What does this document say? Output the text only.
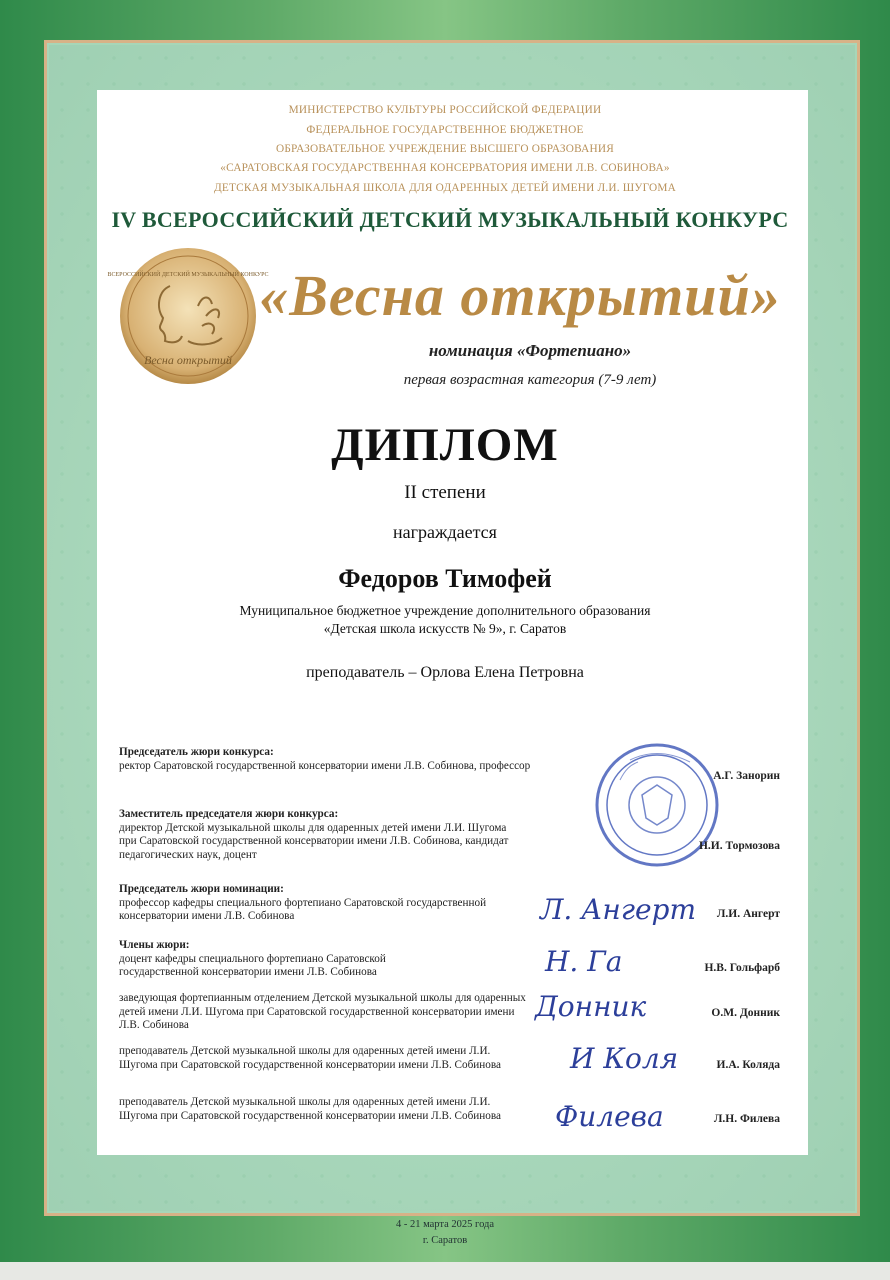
МИНИСТЕРСТВО КУЛЬТУРЫ РОССИЙСКОЙ ФЕДЕРАЦИИ
ФЕДЕРАЛЬНОЕ ГОСУДАРСТВЕННОЕ БЮДЖЕТНОЕ
ОБРАЗОВАТЕЛЬНОЕ УЧРЕЖДЕНИЕ ВЫСШЕГО ОБРАЗОВАНИЯ
«САРАТОВСКАЯ ГОСУДАРСТВЕННАЯ КОНСЕРВАТОРИЯ ИМЕНИ Л.В. СОБИНОВА»
ДЕТСКАЯ МУЗЫКАЛЬНАЯ ШКОЛА ДЛЯ ОДАРЕННЫХ ДЕТЕЙ ИМЕНИ Л.И. ШУГОМА
IV ВСЕРОССИЙСКИЙ ДЕТСКИЙ МУЗЫКАЛЬНЫЙ КОНКУРС
ВСЕРОССИЙСКИЙ ДЕТСКИЙ МУЗЫКАЛЬНЫЙ КОНКУРС
Весна открытий
«Весна открытий»
номинация «Фортепиано»
первая возрастная категория (7-9 лет)
ДИПЛОМ
II степени
награждается
Федоров Тимофей
Муниципальное бюджетное учреждение дополнительного образования
«Детская школа искусств № 9», г. Саратов
преподаватель – Орлова Елена Петровна
Председатель жюри конкурса:
ректор Саратовской государственной консерватории имени Л.В. Собинова, профессор
А.Г. Занорин
Заместитель председателя жюри конкурса:
директор Детской музыкальной школы для одаренных детей имени Л.И. Шугома при Саратовской государственной консерватории имени Л.В. Собинова, кандидат педагогических наук, доцент
Н.И. Тормозова
Председатель жюри номинации:
профессор кафедры специального фортепиано Саратовской государственной консерватории имени Л.В. Собинова	Л. Ангерт	Л.И. Ангерт
Члены жюри:
доцент кафедры специального фортепиано Саратовской государственной консерватории имени Л.В. Собинова	Н. Га	Н.В. Гольфарб
заведующая фортепианным отделением Детской музыкальной школы для одаренных детей имени Л.И. Шугома при Саратовской государственной консерватории имени Л.В. Собинова
Донник	О.М. Донник
преподаватель Детской музыкальной школы для одаренных детей имени Л.И. Шугома при Саратовской государственной консерватории имени Л.В. Собинова	И Коля	И.А. Коляда
преподаватель Детской музыкальной школы для одаренных детей имени Л.И. Шугома при Саратовской государственной консерватории имени Л.В. Собинова	Филева	Л.Н. Филева
4 - 21 марта 2025 года
г. Саратов
